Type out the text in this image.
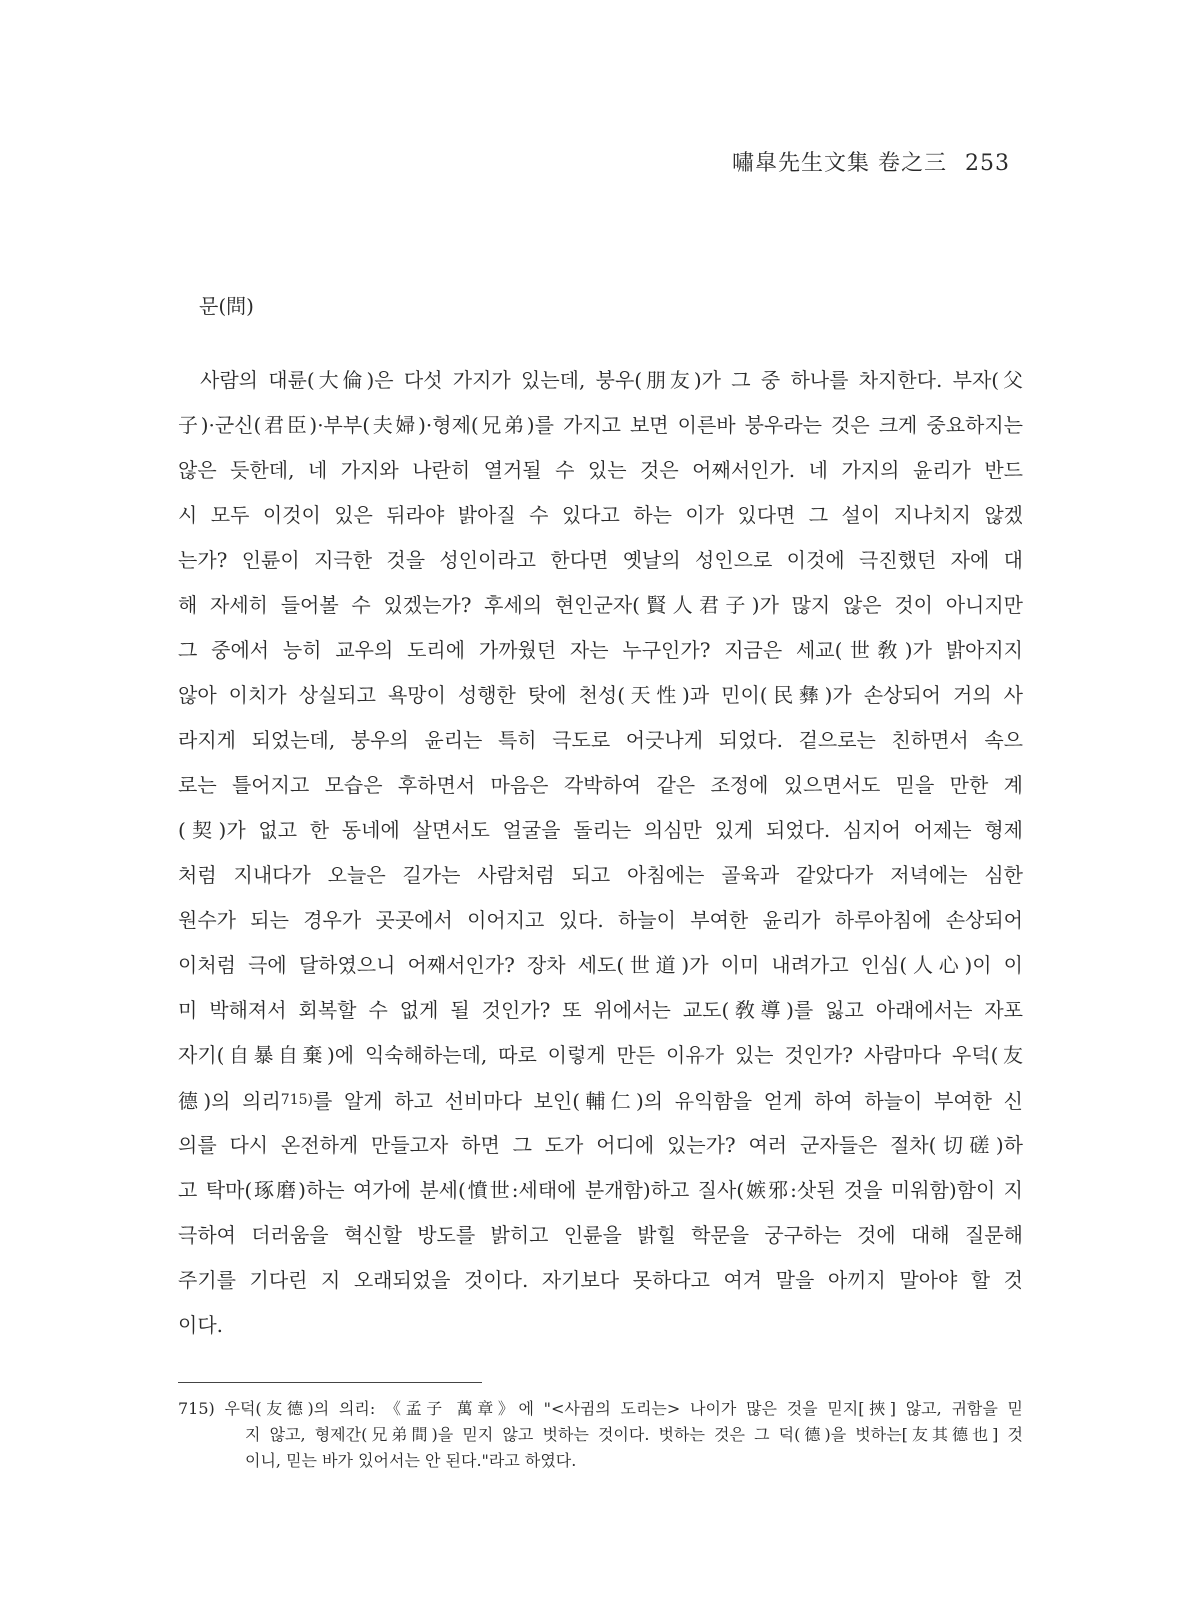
嘯皐先生文集 卷之三 253
문(問)
사람의 대륜(大倫)은 다섯 가지가 있는데, 붕우(朋友)가 그 중 하나를 차지한다. 부자(父
子)·군신(君臣)·부부(夫婦)·형제(兄弟)를 가지고 보면 이른바 붕우라는 것은 크게 중요하지는
않은 듯한데, 네 가지와 나란히 열거될 수 있는 것은 어째서인가. 네 가지의 윤리가 반드
시 모두 이것이 있은 뒤라야 밝아질 수 있다고 하는 이가 있다면 그 설이 지나치지 않겠
는가? 인륜이 지극한 것을 성인이라고 한다면 옛날의 성인으로 이것에 극진했던 자에 대
해 자세히 들어볼 수 있겠는가? 후세의 현인군자(賢人君子)가 많지 않은 것이 아니지만
그 중에서 능히 교우의 도리에 가까웠던 자는 누구인가? 지금은 세교(世敎)가 밝아지지
않아 이치가 상실되고 욕망이 성행한 탓에 천성(天性)과 민이(民彝)가 손상되어 거의 사
라지게 되었는데, 붕우의 윤리는 특히 극도로 어긋나게 되었다. 겉으로는 친하면서 속으
로는 틀어지고 모습은 후하면서 마음은 각박하여 같은 조정에 있으면서도 믿을 만한 계
(契)가 없고 한 동네에 살면서도 얼굴을 돌리는 의심만 있게 되었다. 심지어 어제는 형제
처럼 지내다가 오늘은 길가는 사람처럼 되고 아침에는 골육과 같았다가 저녁에는 심한
원수가 되는 경우가 곳곳에서 이어지고 있다. 하늘이 부여한 윤리가 하루아침에 손상되어
이처럼 극에 달하였으니 어째서인가? 장차 세도(世道)가 이미 내려가고 인심(人心)이 이
미 박해져서 회복할 수 없게 될 것인가? 또 위에서는 교도(敎導)를 잃고 아래에서는 자포
자기(自暴自棄)에 익숙해하는데, 따로 이렇게 만든 이유가 있는 것인가? 사람마다 우덕(友
德)의 의리$^{715)}$를 알게 하고 선비마다 보인(輔仁)의 유익함을 얻게 하여 하늘이 부여한 신
의를 다시 온전하게 만들고자 하면 그 도가 어디에 있는가? 여러 군자들은 절차(切磋)하
고 탁마(琢磨)하는 여가에 분세(憤世:세태에 분개함)하고 질사(嫉邪:삿된 것을 미워함)함이 지
극하여 더러움을 혁신할 방도를 밝히고 인륜을 밝힐 학문을 궁구하는 것에 대해 질문해
주기를 기다린 지 오래되었을 것이다. 자기보다 못하다고 여겨 말을 아끼지 말아야 할 것
이다.
715) 우덕(友德)의 의리: 《孟子 萬章》에 "<사귐의 도리는> 나이가 많은 것을 믿지[挾] 않고, 귀함을 믿
지 않고, 형제간(兄弟間)을 믿지 않고 벗하는 것이다. 벗하는 것은 그 덕(德)을 벗하는[友其德也] 것
이니, 믿는 바가 있어서는 안 된다."라고 하였다.
